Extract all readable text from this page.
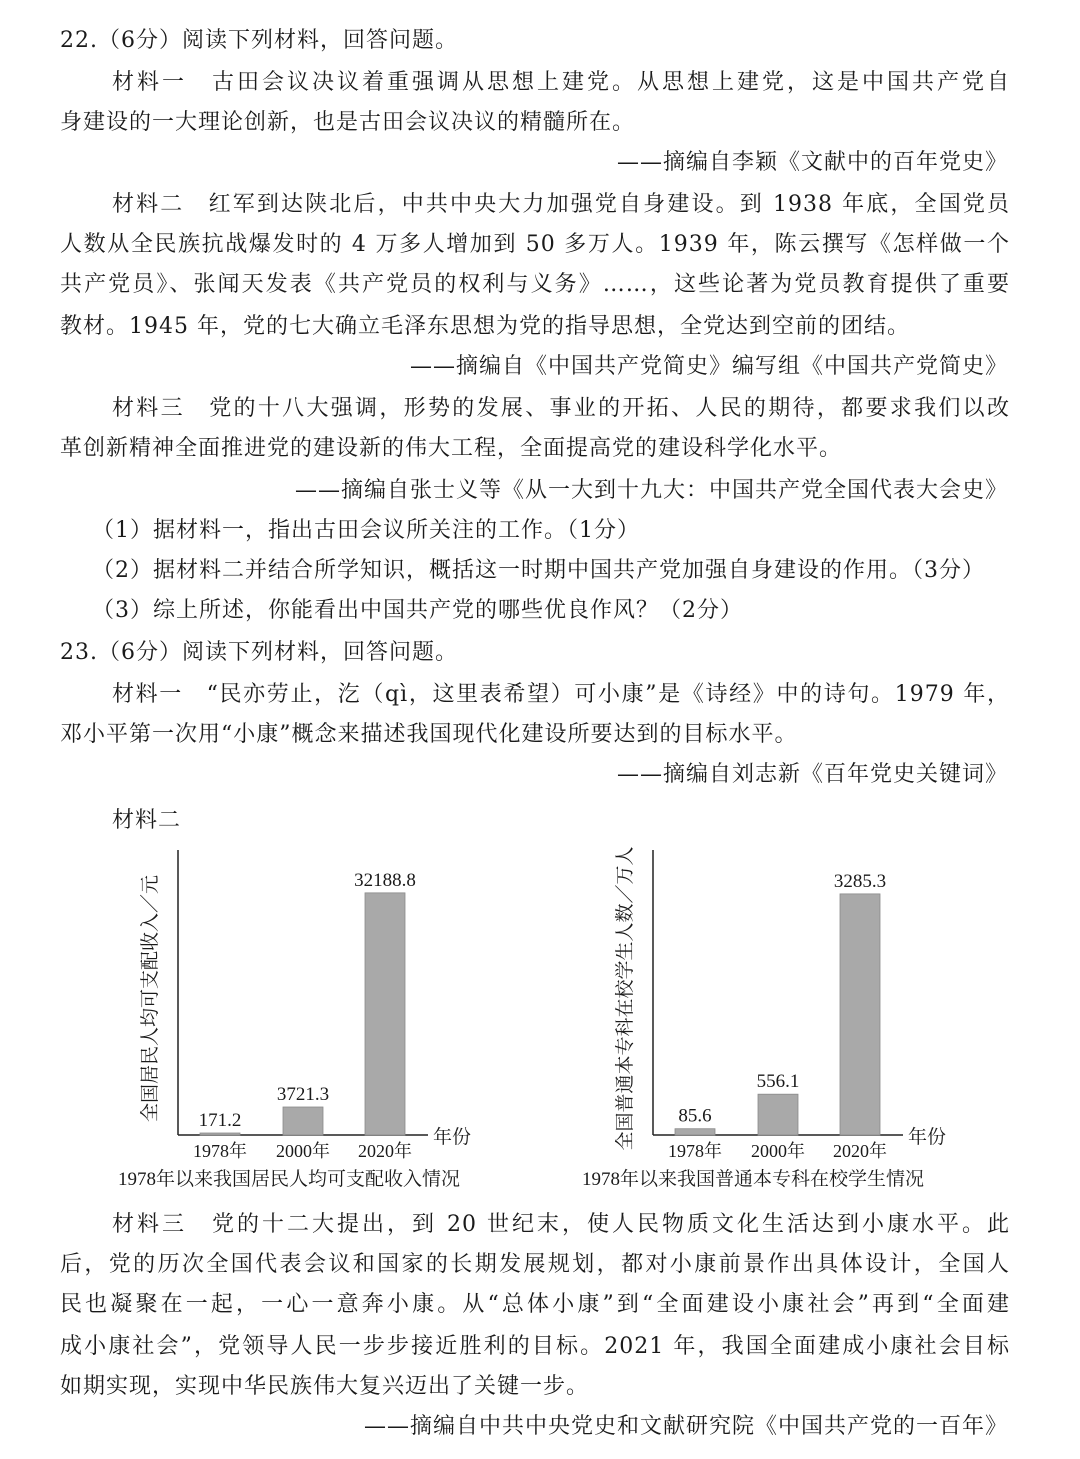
22.（6分）阅读下列材料，回答问题。
材料一　古田会议决议着重强调从思想上建党。从思想上建党，这是中国共产党自
身建设的一大理论创新，也是古田会议决议的精髓所在。
——摘编自李颖《文献中的百年党史》
材料二　红军到达陕北后，中共中央大力加强党自身建设。到 1938 年底，全国党员
人数从全民族抗战爆发时的 4 万多人增加到 50 多万人。1939 年，陈云撰写《怎样做一个
共产党员》、张闻天发表《共产党员的权利与义务》……，这些论著为党员教育提供了重要
教材。1945 年，党的七大确立毛泽东思想为党的指导思想，全党达到空前的团结。
——摘编自《中国共产党简史》编写组《中国共产党简史》
材料三　党的十八大强调，形势的发展、事业的开拓、人民的期待，都要求我们以改
革创新精神全面推进党的建设新的伟大工程，全面提高党的建设科学化水平。
——摘编自张士义等《从一大到十九大：中国共产党全国代表大会史》
（1）据材料一，指出古田会议所关注的工作。（1分）
（2）据材料二并结合所学知识，概括这一时期中国共产党加强自身建设的作用。（3分）
（3）综上所述，你能看出中国共产党的哪些优良作风？（2分）
23.（6分）阅读下列材料，回答问题。
材料一　“民亦劳止，汔（qì，这里表希望）可小康”是《诗经》中的诗句。1979 年，
邓小平第一次用“小康”概念来描述我国现代化建设所要达到的目标水平。
——摘编自刘志新《百年党史关键词》
材料二
全国居民人均可支配收入／元
年份
171.2
1978年
3721.3
2000年
32188.8
2020年
1978年以来我国居民人均可支配收入情况
全国普通本专科在校学生人数／万人	年份
85.6
1978年
556.1
2000年
3285.3
2020年
1978年以来我国普通本专科在校学生情况
材料三　党的十二大提出，到 20 世纪末，使人民物质文化生活达到小康水平。此
后，党的历次全国代表会议和国家的长期发展规划，都对小康前景作出具体设计，全国人
民也凝聚在一起，一心一意奔小康。从“总体小康”到“全面建设小康社会”再到“全面建
成小康社会”，党领导人民一步步接近胜利的目标。2021 年，我国全面建成小康社会目标
如期实现，实现中华民族伟大复兴迈出了关键一步。
——摘编自中共中央党史和文献研究院《中国共产党的一百年》
